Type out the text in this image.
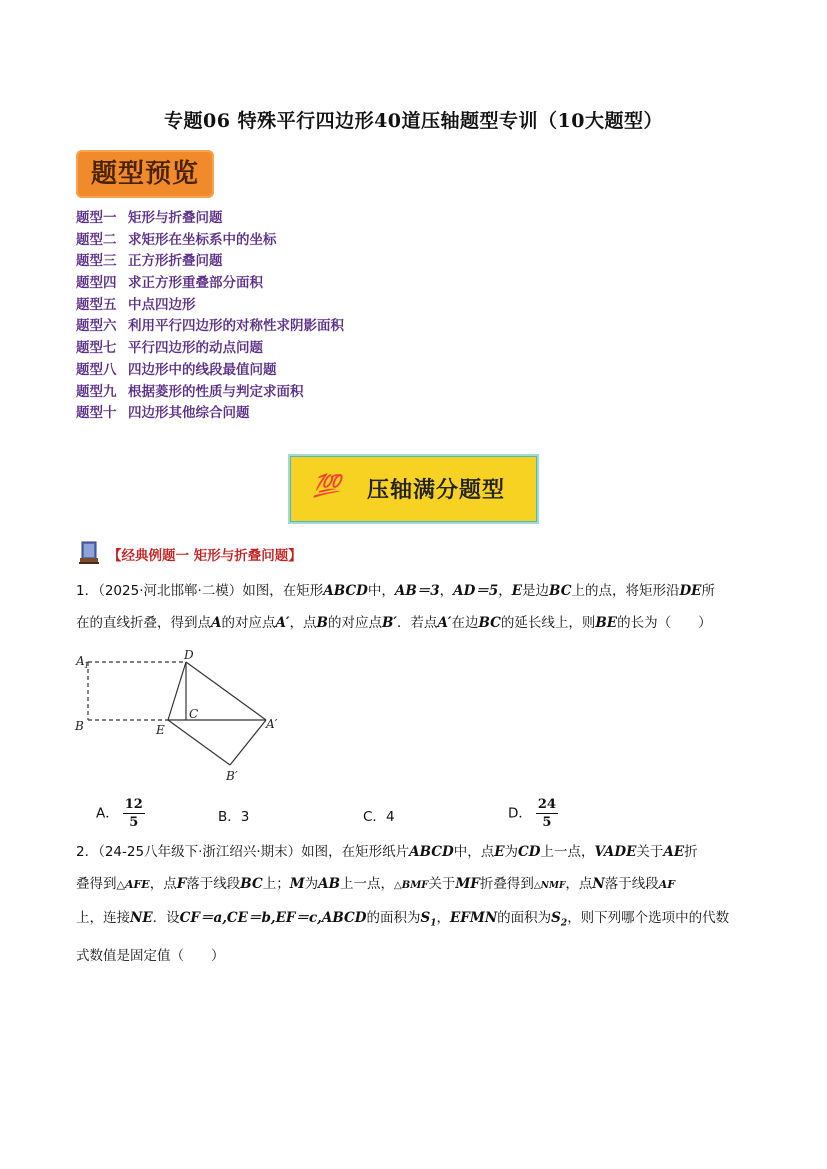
专题06 特殊平行四边形40道压轴题型专训（10大题型）
题型预览
题型一 矩形与折叠问题
题型二 求矩形在坐标系中的坐标
题型三 正方形折叠问题
题型四 求正方形重叠部分面积
题型五 中点四边形
题型六 利用平行四边形的对称性求阴影面积
题型七 平行四边形的动点问题
题型八 四边形中的线段最值问题
题型九 根据菱形的性质与判定求面积
题型十 四边形其他综合问题
💯 压轴满分题型
【经典例题一 矩形与折叠问题】
1．（2025·河北邯郸·二模）如图，在矩形ABCD中，AB＝3，AD＝5，E是边BC上的点，将矩形沿DE所
在的直线折叠，得到点A的对应点A′，点B的对应点B′．若点A′在边BC的延长线上，则BE的长为（　　）
A 1
D
B	E
C
A′
B′
A． $\frac{12}{5}$	B．3	C．4	D． $\frac{24}{5}$
2．（24-25八年级下·浙江绍兴·期末）如图，在矩形纸片ABCD中，点E为CD上一点，VADE关于AE折
叠得到△AFE，点F落于线段BC上；M为AB上一点，△BMF关于MF折叠得到△NMF，点N落于线段AF
上，连接NE．设CF＝a,CE＝b,EF＝c,ABCD的面积为$S_1$，EFMN的面积为$S_2$，则下列哪个选项中的代数
式数值是固定值（　　）
